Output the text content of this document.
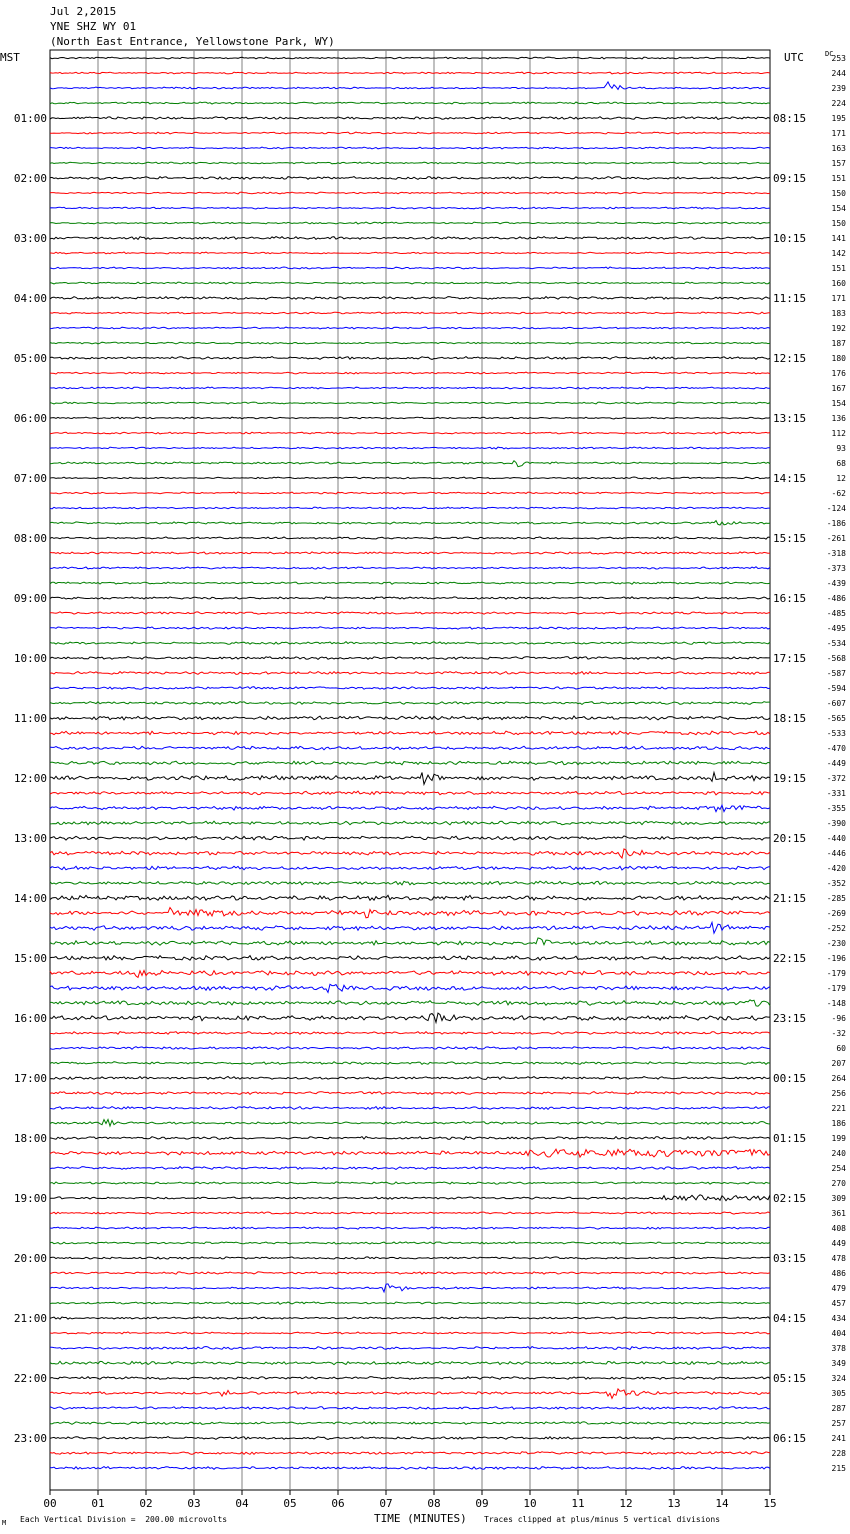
Jul 2,2015
YNE SHZ WY 01
(North East Entrance, Yellowstone Park, WY)
MST	UTC	DC
00	01	02	03	04	05	06	07	08	09	10	11	12	13	14	15
253
244
239
224
195
171
163
157
151
150
154
150
141
142
151
160
171
183
192
187
180
176
167
154
136
112
93
68
12
-62
-124
-186
-261
-318
-373
-439
-486
-485
-495
-534
-568
-587
-594
-607
-565
-533
-470
-449
-372
-331
-355
-390
-440
-446
-420
-352
-285
-269
-252
-230
-196
-179
-179
-148
-96
-32
60
207
264
256
221
186
199
240
254
270
309
361
408
449
478
486
479
457
434
404
378
349
324
305
287
257
241
228
215
01:00
02:00
03:00
04:00
05:00
06:00
07:00
08:00
09:00
10:00
11:00
12:00
13:00
14:00
15:00
16:00
17:00
18:00
19:00
20:00
21:00
22:00
23:00
08:15
09:15
10:15
11:15
12:15
13:15
14:15
15:15
16:15
17:15
18:15
19:15
20:15
21:15
22:15
23:15
00:15
01:15
02:15
03:15
04:15
05:15
06:15
M Each Vertical Division =  200.00 microvolts	TIME (MINUTES) Traces clipped at plus/minus 5 vertical divisions
